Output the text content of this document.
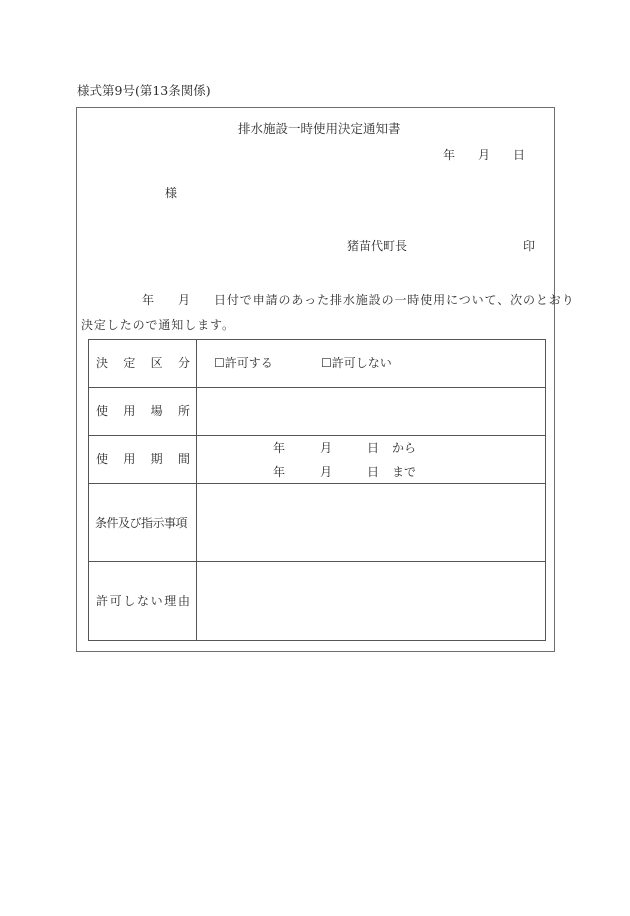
様式第9号(第13条関係)
排水施設一時使用決定通知書
年 月 日
様
猪苗代町長	印
年 月 日付で申請のあった排水施設の一時使用について、次のとおり
決定したので通知します。
決 定 区 分 ☐許可する	☐許可しない
使 用 場 所
使 用 期 間
年	月	日 から
年	月	日 まで
条件及び指示事項
許 可 し な い 理 由
